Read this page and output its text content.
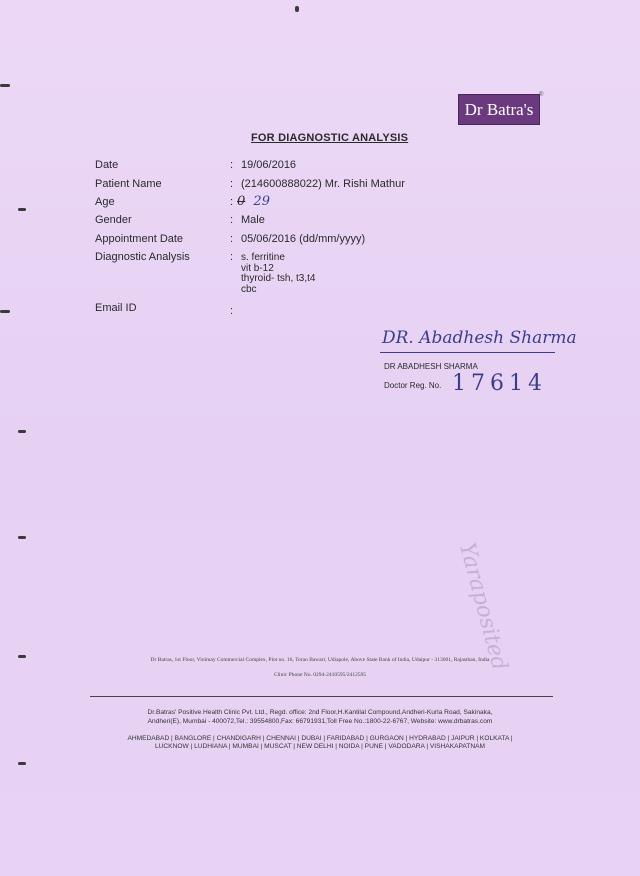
Dr Batra's
®
FOR DIAGNOSTIC ANALYSIS
Date	: 19/06/2016
Patient Name	: (214600888022) Mr. Rishi Mathur
Age	: 0 29
Gender	: Male
Appointment Date	: 05/06/2016 (dd/mm/yyyy)
Diagnostic Analysis	: s. ferritine
vit b-12
thyroid- tsh, t3,t4
cbc
Email ID	:
DR. Abadhesh Sharma
DR ABADHESH SHARMA
Doctor Reg. No. 17614
Yaraposited
Dr Batras, 1st Floor, Vinimay Commercial Complex, Plot no. 16, Toran Bawari, Udiapole, Above State Bank of India, Udaipur - 313001, Rajasthan, India
Clinic Phone No. 0294-2410595/2412595
Dr.Batras' Positive Health Clinic Pvt. Ltd., Regd. office: 2nd Floor,H.Kantilal Compound,Andheri-Kurla Road, Sakinaka,
Andheri(E), Mumbai - 400072,Tel.: 39554800,Fax: 66791931,Toll Free No.:1800-22-6767, Website: www.drbatras.com
AHMEDABAD | BANGLORE | CHANDIGARH | CHENNAI | DUBAI | FARIDABAD | GURGAON | HYDRABAD | JAIPUR | KOLKATA |
LUCKNOW | LUDHIANA | MUMBAI | MUSCAT | NEW DELHI | NOIDA | PUNE | VADODARA | VISHAKAPATNAM
